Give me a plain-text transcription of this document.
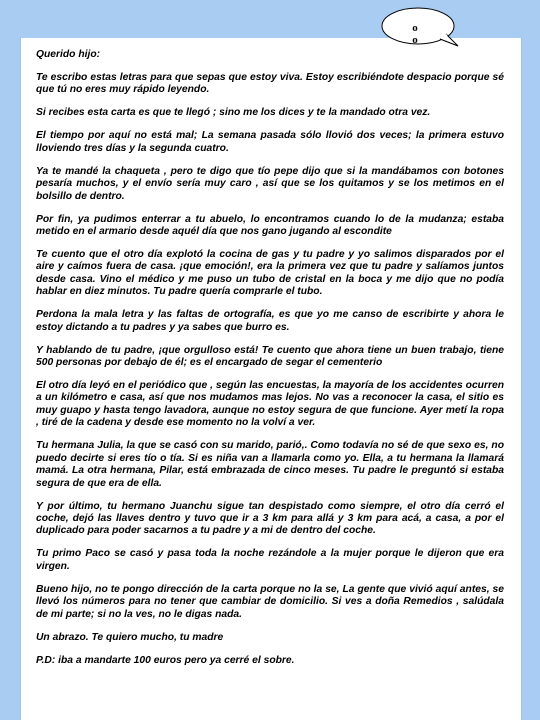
o o

Querido hijo:

Te escribo estas letras para que sepas que estoy viva. Estoy escribiéndote despacio porque sé que tú no eres muy rápido leyendo.

Si recibes esta carta es que te llegó ; sino me los dices y te la mandado otra vez.

El tiempo por aquí no está mal; La semana pasada sólo llovió dos veces; la primera estuvo lloviendo tres días y la segunda cuatro.

Ya te mandé la chaqueta , pero te digo que tío pepe dijo que si la mandábamos con botones pesaría muchos, y el envío sería muy caro , así que se los quitamos y se los metimos en el bolsillo de dentro.

Por fin, ya pudimos enterrar a tu abuelo, lo encontramos cuando lo de la mudanza; estaba metido en el armario desde aquél día que nos gano jugando al escondite

Te cuento que el otro día explotó la cocina de gas y tu padre y yo salimos disparados por el aire y caímos fuera de casa. ¡que emoción!, era la primera vez que tu padre y salíamos juntos desde casa. Vino el médico y me puso un tubo de cristal en la boca y me dijo que no podía hablar en diez minutos. Tu padre quería comprarle el tubo.

Perdona la mala letra y las faltas de ortografía, es que yo me canso de escribirte y ahora le estoy dictando a tu padres y ya sabes que burro es.

Y hablando de tu padre, ¡que orgulloso está! Te cuento que ahora tiene un buen trabajo, tiene 500 personas por debajo de él; es el encargado de segar el cementerio

El otro día leyó en el periódico que , según las encuestas, la mayoría de los accidentes ocurren a un kilómetro e casa, así que nos mudamos mas lejos. No vas a reconocer la casa, el sitio es muy guapo y hasta tengo lavadora, aunque no estoy segura de que funcione. Ayer metí la ropa , tiré de la cadena y desde ese momento no la volví a ver.

Tu hermana Julia, la que se casó con su marido, parió,. Como todavía no sé de que sexo es, no puedo decirte si eres tío o tía. Si es niña van a llamarla como yo. Ella, a tu hermana la llamará mamá. La otra hermana, Pilar, está embrazada de cinco meses. Tu padre le preguntó si estaba segura de que era de ella.

Y por último, tu hermano Juanchu sigue tan despistado como siempre, el otro día cerró el coche, dejó las llaves dentro y tuvo que ir a 3 km para allá y 3 km para acá, a casa, a por el duplicado para poder sacarnos a tu padre y a mi de dentro del coche.

Tu primo Paco se casó y pasa toda la noche rezándole a la mujer porque le dijeron que era virgen.

Bueno hijo, no te pongo dirección de la carta porque no la se, La gente que vivió aquí antes, se llevó los números para no tener que cambiar de domicilio. Si ves a doña Remedios , salúdala de mi parte; si no la ves, no le digas nada.

Un abrazo. Te quiero mucho, tu madre

P.D: iba a mandarte 100 euros pero ya cerré el sobre.
